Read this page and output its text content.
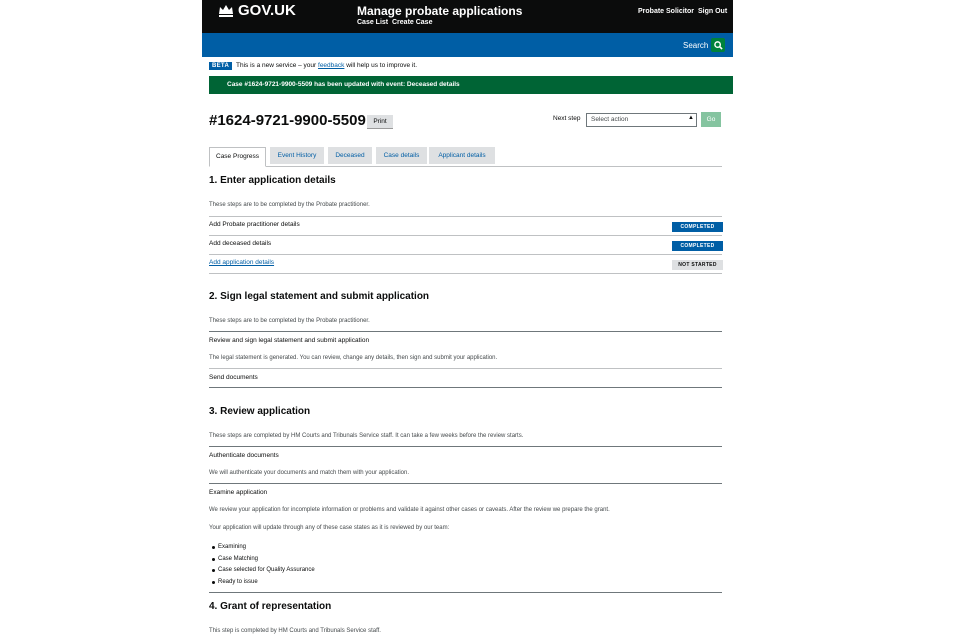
GOV.UK	Manage probate applications
Case List Create Case
Probate Solicitor Sign Out
Search
BETA	This is a new service – your feedback will help us to improve it.
Case #1624-9721-9900-5509 has been updated with event: Deceased details
#1624-9721-9900-5509	Print	Next step	Select action	▲︎	Go
Case Progress	Event History	Deceased	Case details	Applicant details
1. Enter application details
These steps are to be completed by the Probate practitioner.
Add Probate practitioner details	COMPLETED
Add deceased details	COMPLETED
Add application details	NOT STARTED
2. Sign legal statement and submit application
These steps are to be completed by the Probate practitioner.
Review and sign legal statement and submit application
The legal statement is generated. You can review, change any details, then sign and submit your application.
Send documents
3. Review application
These steps are completed by HM Courts and Tribunals Service staff. It can take a few weeks before the review starts.
Authenticate documents
We will authenticate your documents and match them with your application.
Examine application
We review your application for incomplete information or problems and validate it against other cases or caveats. After the review we prepare the grant.
Your application will update through any of these case states as it is reviewed by our team:
Examining
Case Matching
Case selected for Quality Assurance
Ready to issue
4. Grant of representation
This step is completed by HM Courts and Tribunals Service staff.
